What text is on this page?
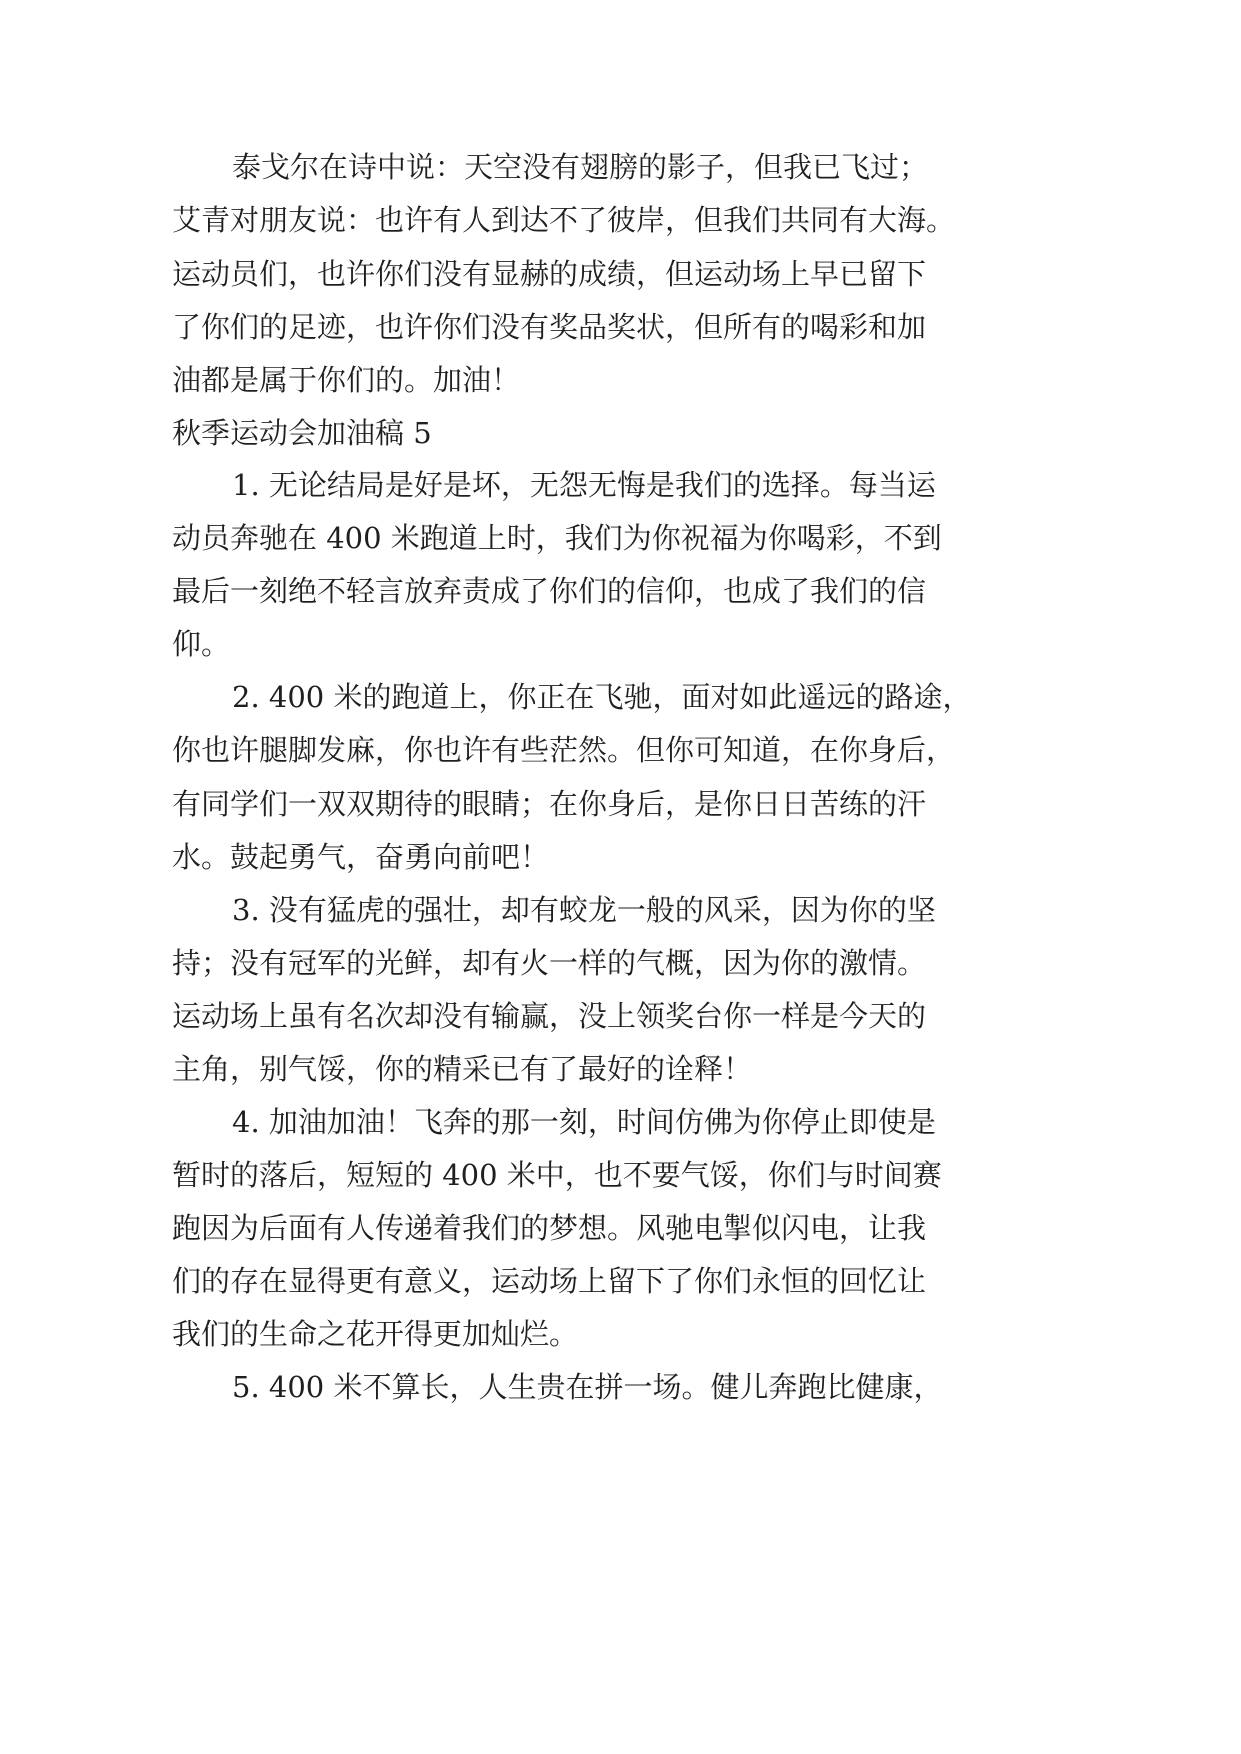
泰戈尔在诗中说：天空没有翅膀的影子，但我已飞过；
艾青对朋友说：也许有人到达不了彼岸，但我们共同有大海。
运动员们，也许你们没有显赫的成绩，但运动场上早已留下
了你们的足迹，也许你们没有奖品奖状，但所有的喝彩和加
油都是属于你们的。加油！
秋季运动会加油稿 5
1. 无论结局是好是坏，无怨无悔是我们的选择。每当运
动员奔驰在 400 米跑道上时，我们为你祝福为你喝彩，不到
最后一刻绝不轻言放弃责成了你们的信仰，也成了我们的信
仰。
2. 400 米的跑道上，你正在飞驰，面对如此遥远的路途，
你也许腿脚发麻，你也许有些茫然。但你可知道，在你身后，
有同学们一双双期待的眼睛；在你身后，是你日日苦练的汗
水。鼓起勇气，奋勇向前吧！
3. 没有猛虎的强壮，却有蛟龙一般的风采，因为你的坚
持；没有冠军的光鲜，却有火一样的气概，因为你的激情。
运动场上虽有名次却没有输赢，没上领奖台你一样是今天的
主角，别气馁，你的精采已有了最好的诠释！
4. 加油加油！飞奔的那一刻，时间仿佛为你停止即使是
暂时的落后，短短的 400 米中，也不要气馁，你们与时间赛
跑因为后面有人传递着我们的梦想。风驰电掣似闪电，让我
们的存在显得更有意义，运动场上留下了你们永恒的回忆让
我们的生命之花开得更加灿烂。
5. 400 米不算长，人生贵在拼一场。健儿奔跑比健康，
